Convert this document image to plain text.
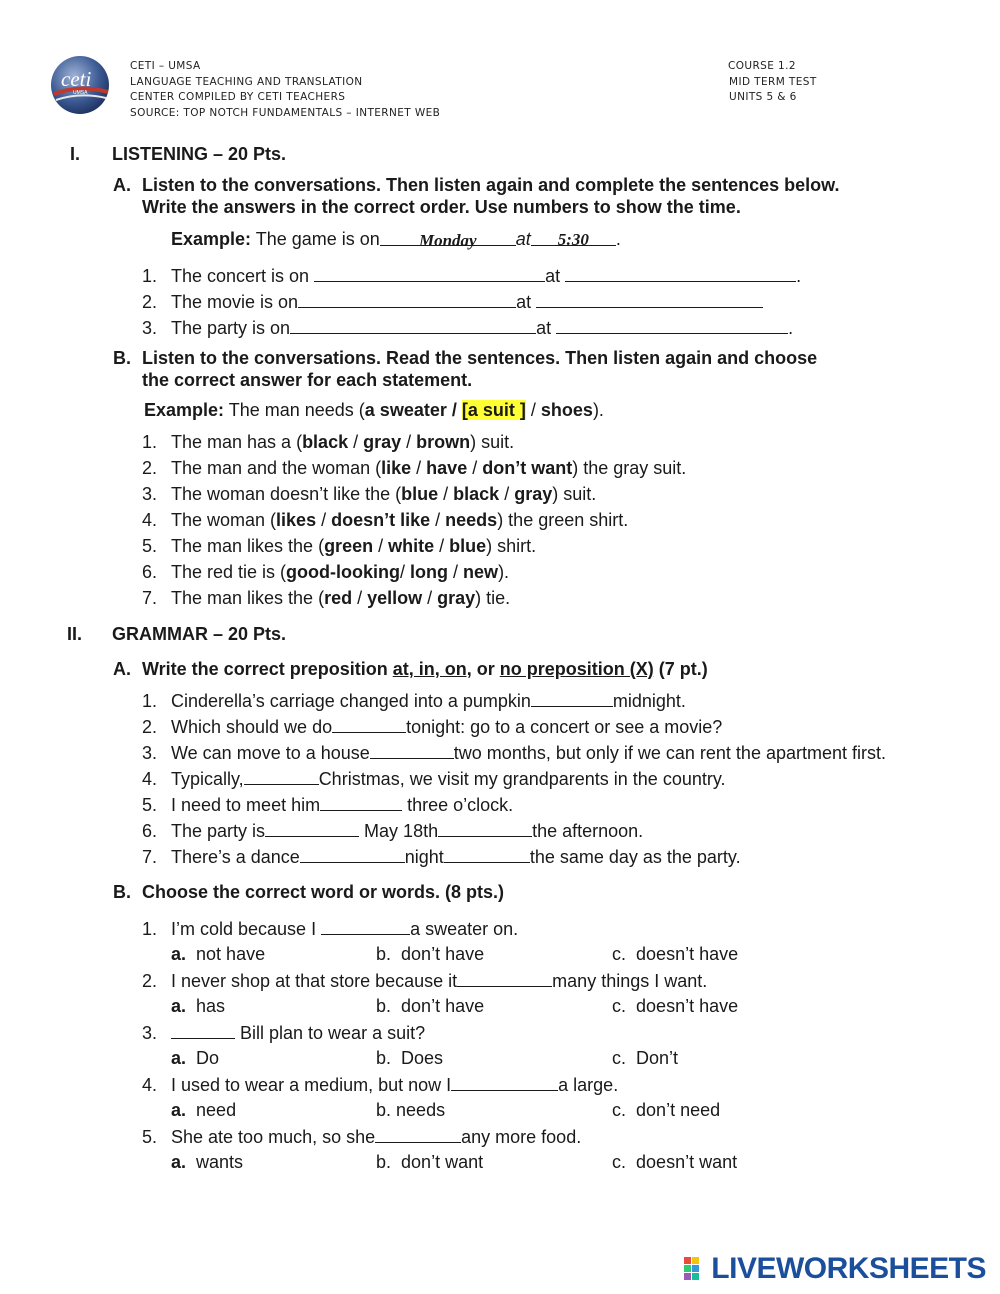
ceti
UMSA
CETI – UMSA
LANGUAGE TEACHING AND TRANSLATION
CENTER COMPILED BY CETI TEACHERS
SOURCE: TOP NOTCH FUNDAMENTALS – INTERNET WEB
COURSE 1.2
MID TERM TEST
UNITS 5 & 6
I. LISTENING – 20 Pts.
A. Listen to the conversations. Then listen again and complete the sentences below.
Write the answers in the correct order. Use numbers to show the time.
Example: The game is on Monday at 5:30 .
1. The concert is on	at	.
2. The movie is on	at
3. The party is on	at	.
B. Listen to the conversations. Read the sentences. Then listen again and choose
the correct answer for each statement.
Example: The man needs (a sweater / [a suit ] / shoes).
1. The man has a (black / gray / brown) suit.
2. The man and the woman (like / have / don’t want) the gray suit.
3. The woman doesn’t like the (blue / black / gray) suit.
4. The woman (likes / doesn’t like / needs) the green shirt.
5. The man likes the (green / white / blue) shirt.
6. The red tie is (good-looking/ long / new).
7. The man likes the (red / yellow / gray) tie.
II. GRAMMAR – 20 Pts.
A. Write the correct preposition at, in, on, or no preposition (X) (7 pt.)
1. Cinderella’s carriage changed into a pumpkin	midnight.
2. Which should we do	tonight: go to a concert or see a movie?
3. We can move to a house	two months, but only if we can rent the apartment first.
4. Typically,	Christmas, we visit my grandparents in the country.
5. I need to meet him	three o’clock.
6. The party is	May 18th	the afternoon.
7. There’s a dance	night	the same day as the party.
B. Choose the correct word or words. (8 pts.)
1. I’m cold because I	a sweater on.
a. not have	b. don’t have	c. doesn’t have
2. I never shop at that store because it	many things I want.
a. has	b. don’t have	c. doesn’t have
3.	Bill plan to wear a suit?
a. Do	b. Does	c. Don’t
4. I used to wear a medium, but now I	a large.
a. need	b. needs	c. don’t need
5. She ate too much, so she	any more food.
a. wants	b. don’t want	c. doesn’t want
LIVEWORKSHEETS
